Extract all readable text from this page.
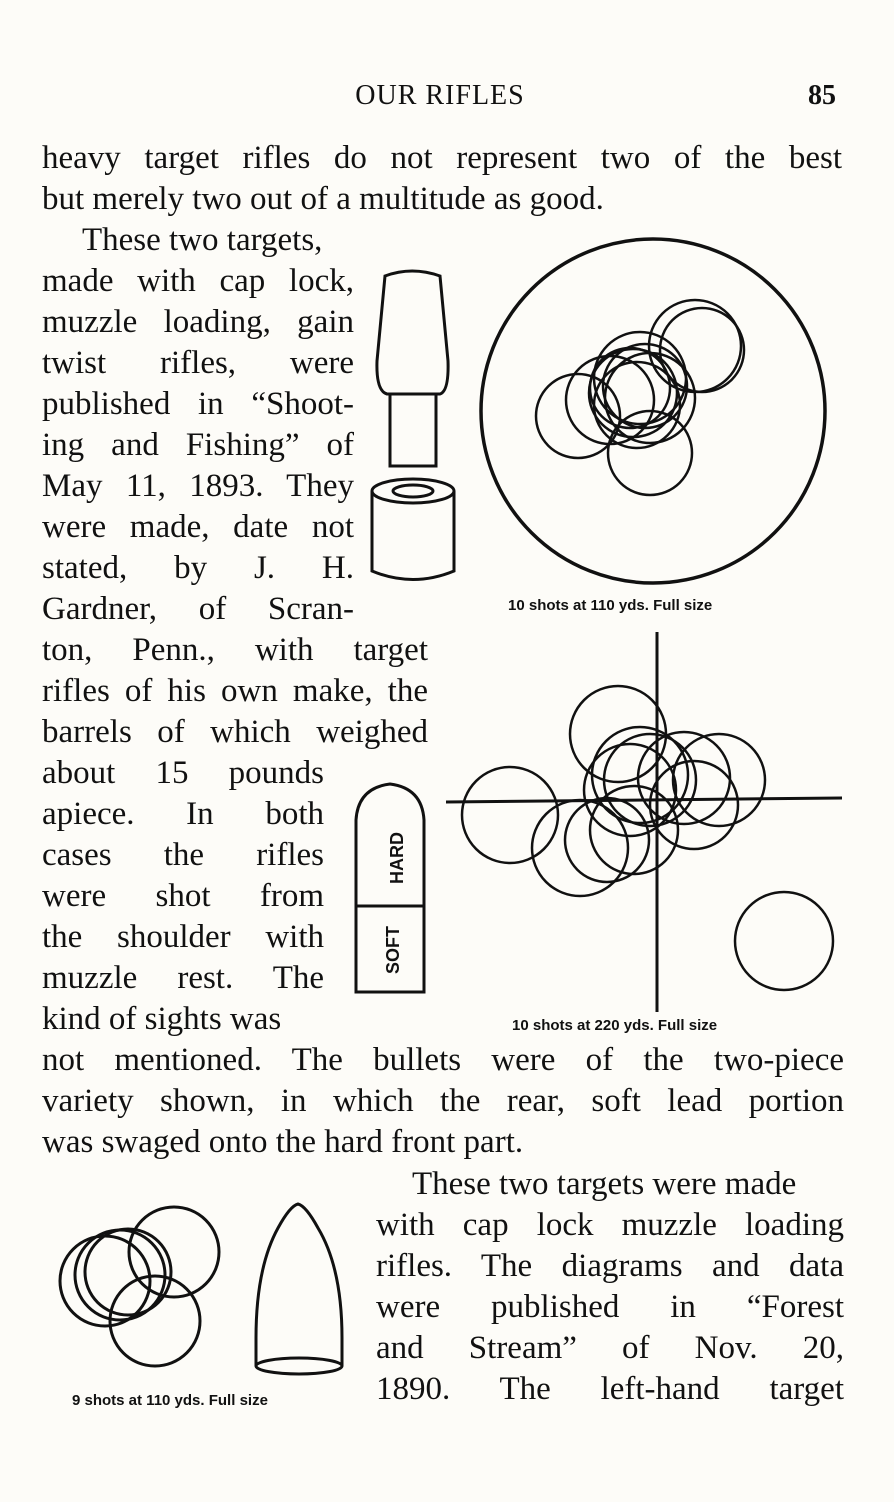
OUR RIFLES	85
heavy target rifles do not represent two of the best
but merely two out of a multitude as good.
These two targets,
made with cap lock,
muzzle loading, gain
twist rifles, were
published in “Shoot-
ing and Fishing” of
May 11, 1893. They
were made, date not
stated, by J. H.
Gardner, of Scran-
ton, Penn., with target
rifles of his own make, the
barrels of which weighed
about 15 pounds
apiece. In both
cases the rifles
were shot from
the shoulder with
muzzle rest. The
kind of sights was
not mentioned. The bullets were of the two-piece
variety shown, in which the rear, soft lead portion
was swaged onto the hard front part.
These two targets were made
with cap lock muzzle loading
rifles. The diagrams and data
were published in “Forest
and Stream” of Nov. 20,
1890. The left-hand target
10 shots at 110 yds. Full size
10 shots at 220 yds. Full size
HARD
SOFT
9 shots at 110 yds. Full size
